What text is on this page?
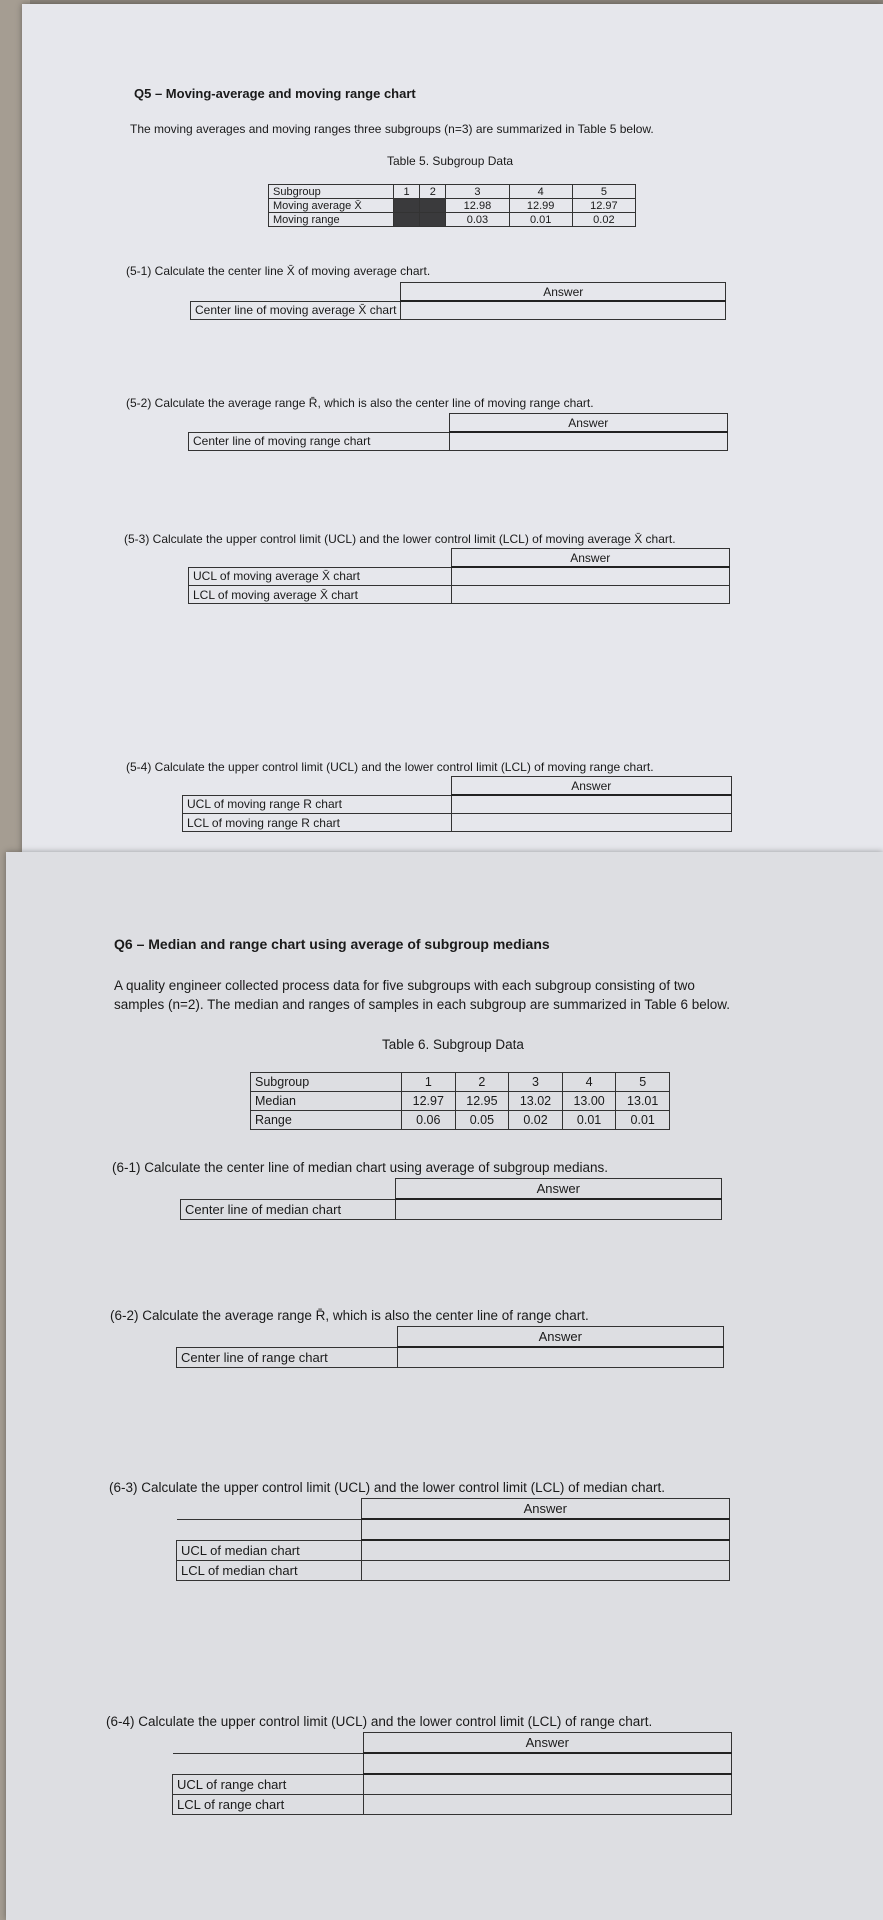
Q5 – Moving-average and moving range chart
The moving averages and moving ranges three subgroups (n=3) are summarized in Table 5 below.
Table 5. Subgroup Data
Subgroup	1	2	3	4	5
Moving average X̄			12.98	12.99	12.97
Moving range			0.03	0.01	0.02
(5-1) Calculate the center line X̄ of moving average chart.
	Answer
Center line of moving average X̄ chart	
(5-2) Calculate the average range R̄, which is also the center line of moving range chart.
	Answer
Center line of moving range chart	
(5-3) Calculate the upper control limit (UCL) and the lower control limit (LCL) of moving average X̄ chart.
	Answer
UCL of moving average X̄ chart	
LCL of moving average X̄ chart	
(5-4) Calculate the upper control limit (UCL) and the lower control limit (LCL) of moving range chart.
	Answer
UCL of moving range R chart	
LCL of moving range R chart	
Q6 – Median and range chart using average of subgroup medians
A quality engineer collected process data for five subgroups with each subgroup consisting of two
samples (n=2). The median and ranges of samples in each subgroup are summarized in Table 6 below.
Table 6. Subgroup Data
Subgroup	1	2	3	4	5
Median	12.97	12.95	13.02	13.00	13.01
Range	0.06	0.05	0.02	0.01	0.01
(6-1) Calculate the center line of median chart using average of subgroup medians.
	Answer
Center line of median chart	
(6-2) Calculate the average range R̄, which is also the center line of range chart.
	Answer
Center line of range chart	
(6-3) Calculate the upper control limit (UCL) and the lower control limit (LCL) of median chart.
	Answer

UCL of median chart	
LCL of median chart	
(6-4) Calculate the upper control limit (UCL) and the lower control limit (LCL) of range chart.
	Answer

UCL of range chart	
LCL of range chart	
